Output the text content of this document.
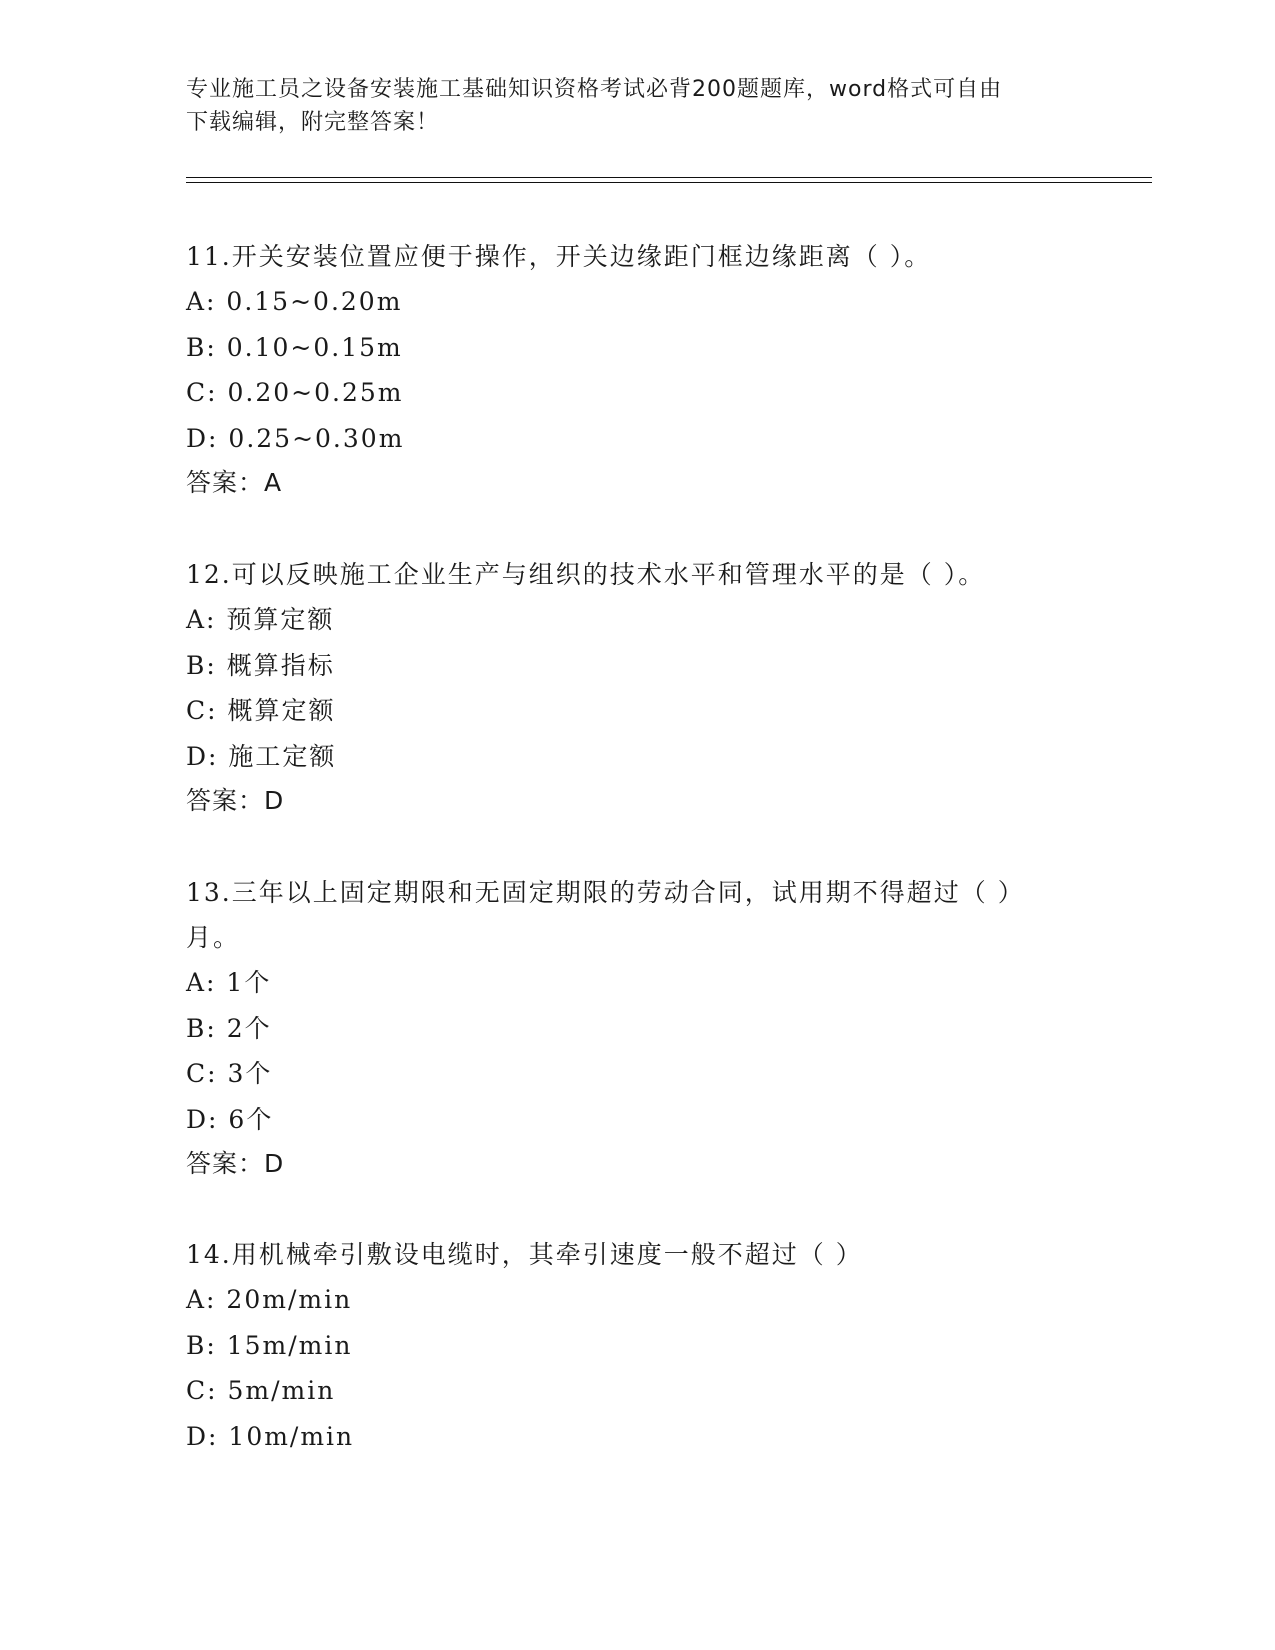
专业施工员之设备安装施工基础知识资格考试必背200题题库，word格式可自由
下载编辑，附完整答案！
11.开关安装位置应便于操作，开关边缘距门框边缘距离（ ）。
A: 0.15~0.20m
B: 0.10~0.15m
C: 0.20~0.25m
D: 0.25~0.30m
答案：A
12.可以反映施工企业生产与组织的技术水平和管理水平的是（ ）。
A: 预算定额
B: 概算指标
C: 概算定额
D: 施工定额
答案：D
13.三年以上固定期限和无固定期限的劳动合同，试用期不得超过（ ）月。
A: 1个
B: 2个
C: 3个
D: 6个
答案：D
14.用机械牵引敷设电缆时，其牵引速度一般不超过（ ）
A: 20m/min
B: 15m/min
C: 5m/min
D: 10m/min
